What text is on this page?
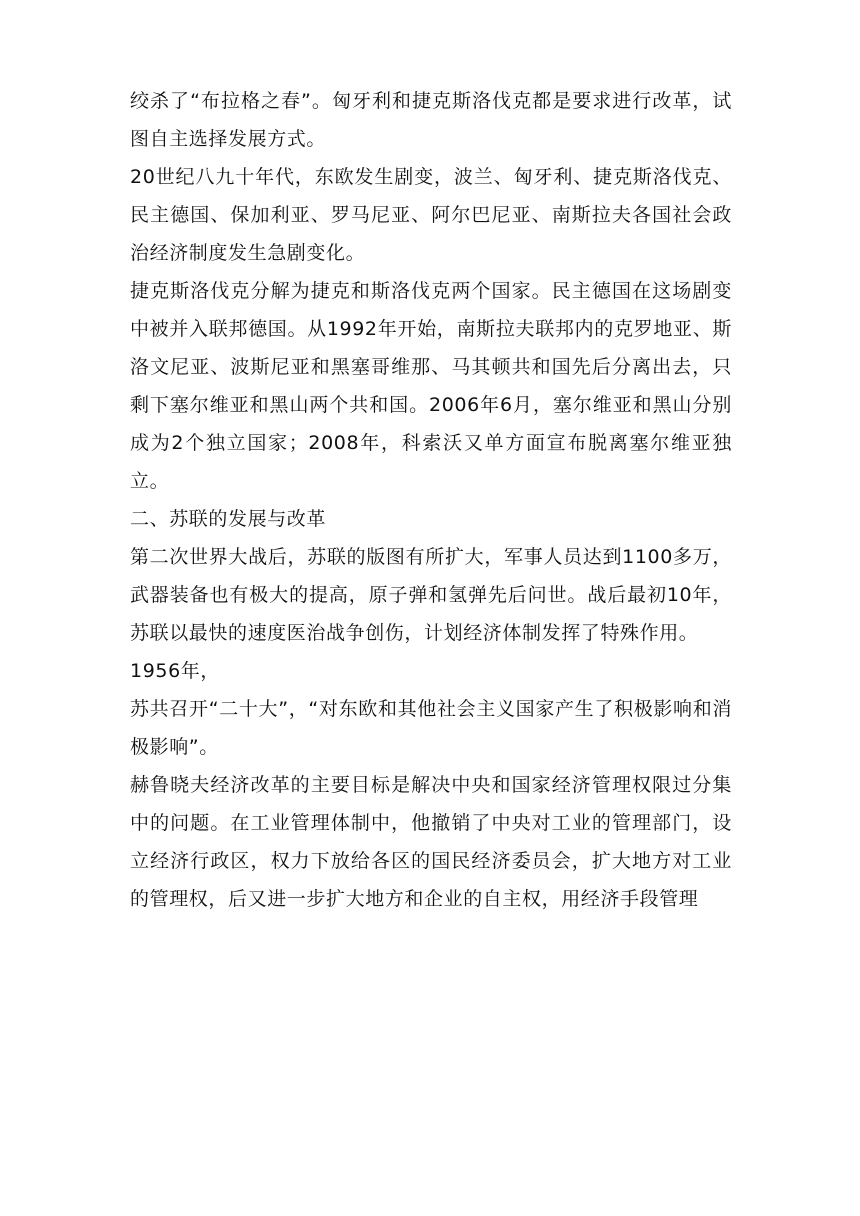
绞杀了“布拉格之春”。匈牙利和捷克斯洛伐克都是要求进行改革，试图自主选择发展方式。

20世纪八九十年代，东欧发生剧变，波兰、匈牙利、捷克斯洛伐克、民主德国、保加利亚、罗马尼亚、阿尔巴尼亚、南斯拉夫各国社会政治经济制度发生急剧变化。

捷克斯洛伐克分解为捷克和斯洛伐克两个国家。民主德国在这场剧变中被并入联邦德国。从1992年开始，南斯拉夫联邦内的克罗地亚、斯洛文尼亚、波斯尼亚和黑塞哥维那、马其顿共和国先后分离出去，只剩下塞尔维亚和黑山两个共和国。2006年6月，塞尔维亚和黑山分别成为2个独立国家；2008年，科索沃又单方面宣布脱离塞尔维亚独立。

二、苏联的发展与改革

第二次世界大战后，苏联的版图有所扩大，军事人员达到1100多万，武器装备也有极大的提高，原子弹和氢弹先后问世。战后最初10年，苏联以最快的速度医治战争创伤，计划经济体制发挥了特殊作用。

1956年，

苏共召开“二十大”，“对东欧和其他社会主义国家产生了积极影响和消极影响”。

赫鲁晓夫经济改革的主要目标是解决中央和国家经济管理权限过分集中的问题。在工业管理体制中，他撤销了中央对工业的管理部门，设立经济行政区，权力下放给各区的国民经济委员会，扩大地方对工业的管理权，后又进一步扩大地方和企业的自主权，用经济手段管理
